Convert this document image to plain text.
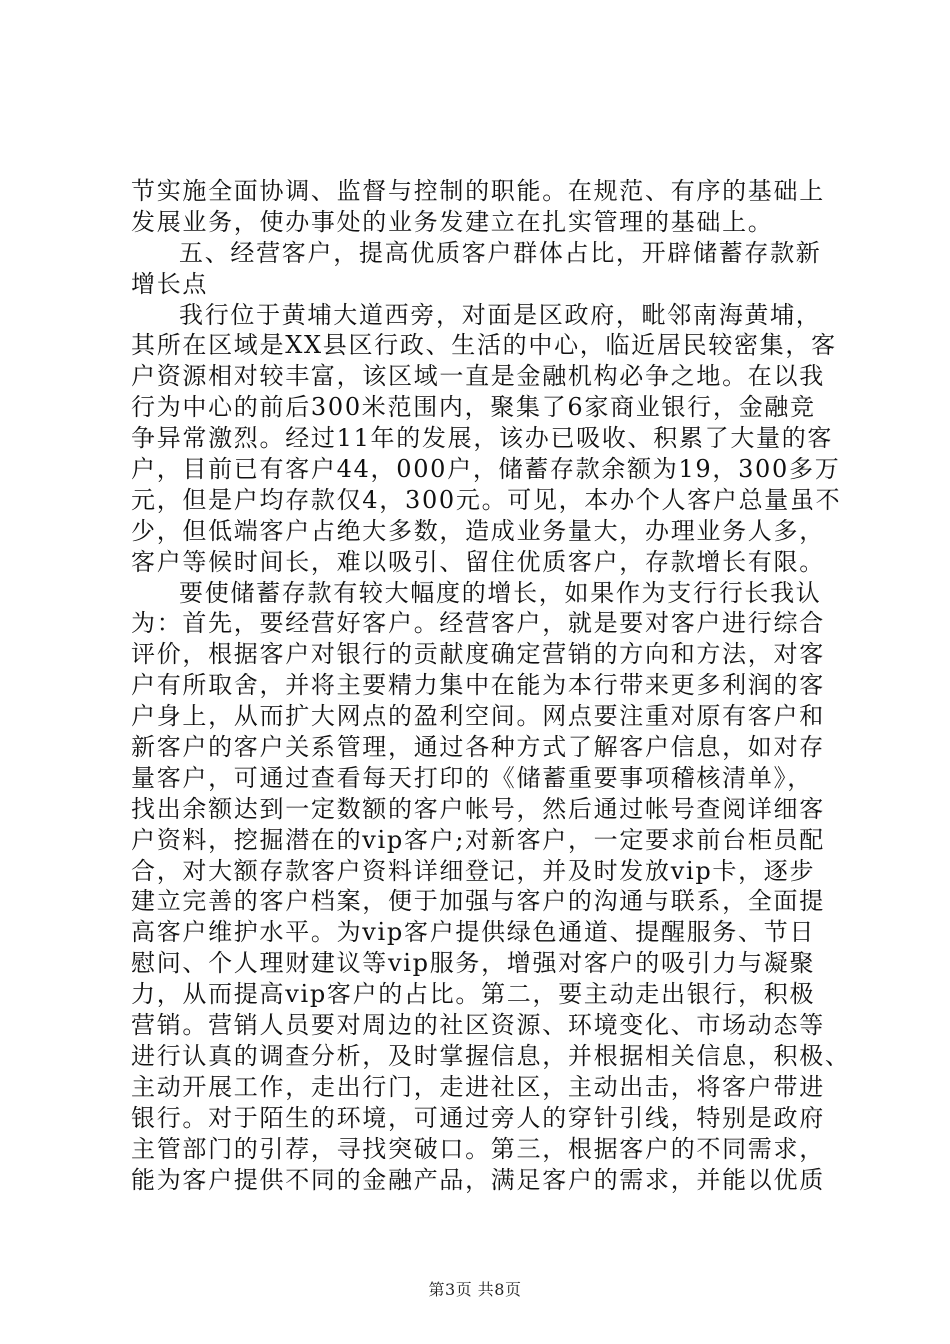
节实施全面协调、监督与控制的职能。在规范、有序的基础上
发展业务，使办事处的业务发建立在扎实管理的基础上。
五、经营客户，提高优质客户群体占比，开辟储蓄存款新
增长点
我行位于黄埔大道西旁，对面是区政府，毗邻南海黄埔，
其所在区域是XX县区行政、生活的中心，临近居民较密集，客
户资源相对较丰富，该区域一直是金融机构必争之地。在以我
行为中心的前后300米范围内，聚集了6家商业银行，金融竞
争异常激烈。经过11年的发展，该办已吸收、积累了大量的客
户，目前已有客户44，000户，储蓄存款余额为19，300多万
元，但是户均存款仅4，300元。可见，本办个人客户总量虽不
少，但低端客户占绝大多数，造成业务量大，办理业务人多，
客户等候时间长，难以吸引、留住优质客户，存款增长有限。
要使储蓄存款有较大幅度的增长，如果作为支行行长我认
为：首先，要经营好客户。经营客户，就是要对客户进行综合
评价，根据客户对银行的贡献度确定营销的方向和方法，对客
户有所取舍，并将主要精力集中在能为本行带来更多利润的客
户身上，从而扩大网点的盈利空间。网点要注重对原有客户和
新客户的客户关系管理，通过各种方式了解客户信息，如对存
量客户，可通过查看每天打印的《储蓄重要事项稽核清单》，
找出余额达到一定数额的客户帐号，然后通过帐号查阅详细客
户资料，挖掘潜在的vip客户;对新客户，一定要求前台柜员配
合，对大额存款客户资料详细登记，并及时发放vip卡，逐步
建立完善的客户档案，便于加强与客户的沟通与联系，全面提
高客户维护水平。为vip客户提供绿色通道、提醒服务、节日
慰问、个人理财建议等vip服务，增强对客户的吸引力与凝聚
力，从而提高vip客户的占比。第二，要主动走出银行，积极
营销。营销人员要对周边的社区资源、环境变化、市场动态等
进行认真的调查分析，及时掌握信息，并根据相关信息，积极、
主动开展工作，走出行门，走进社区，主动出击，将客户带进
银行。对于陌生的环境，可通过旁人的穿针引线，特别是政府
主管部门的引荐，寻找突破口。第三，根据客户的不同需求，
能为客户提供不同的金融产品，满足客户的需求，并能以优质
第3页 共8页
